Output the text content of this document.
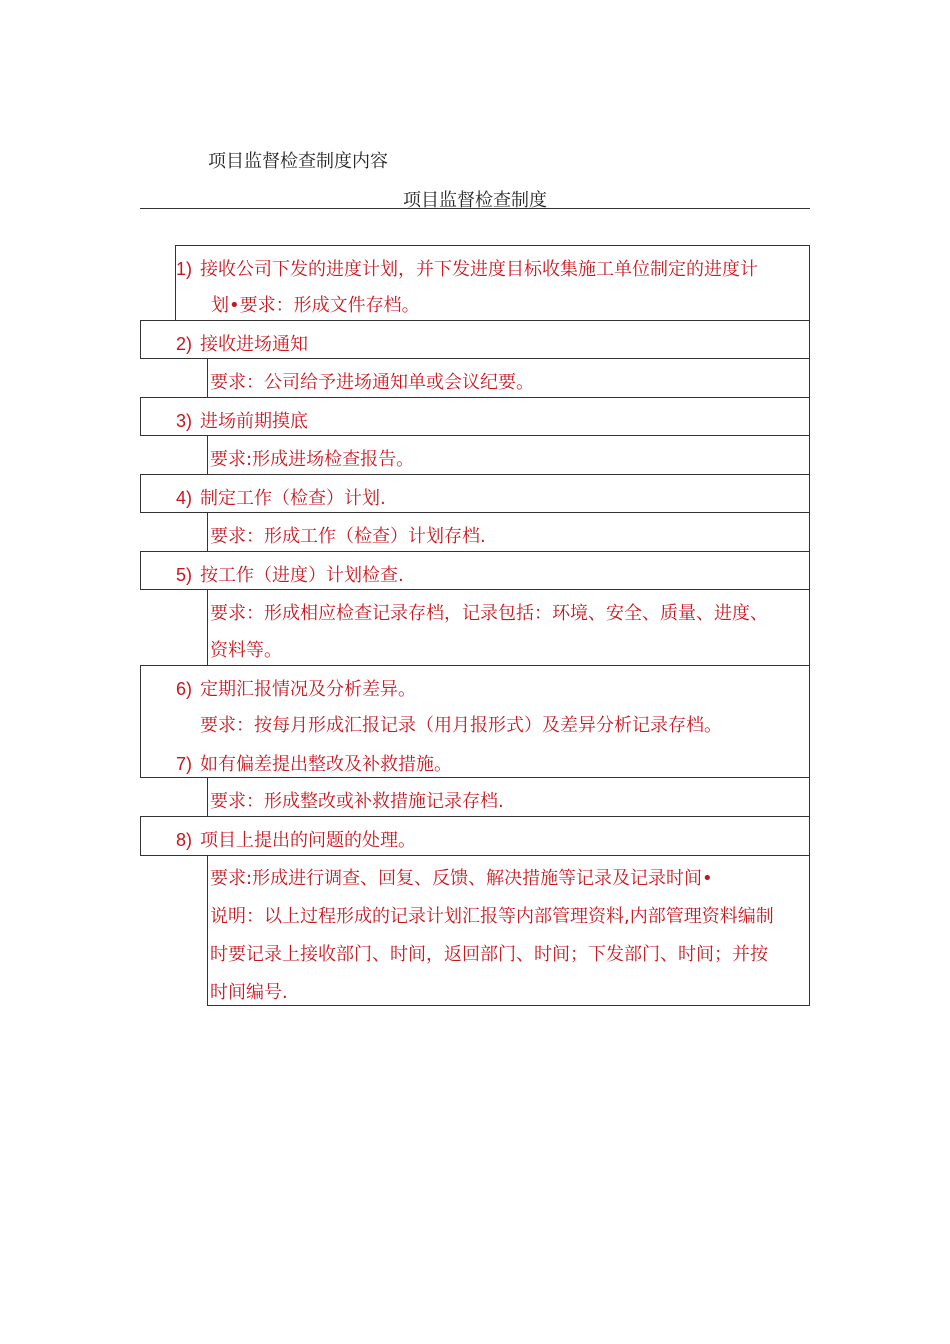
项目监督检查制度内容
项目监督检查制度
1) 接收公司下发的进度计划，并下发进度目标收集施工单位制定的进度计
划•要求：形成文件存档。
2) 接收进场通知
要求：公司给予进场通知单或会议纪要。
3) 进场前期摸底
要求:形成进场检查报告。
4) 制定工作（检查）计划.
要求：形成工作（检查）计划存档.
5) 按工作（进度）计划检查.
要求：形成相应检查记录存档，记录包括：环境、安全、质量、进度、
资料等。
6) 定期汇报情况及分析差异。
要求：按每月形成汇报记录（用月报形式）及差异分析记录存档。
7) 如有偏差提出整改及补救措施。
要求：形成整改或补救措施记录存档.
8) 项目上提出的问题的处理。
要求:形成进行调查、回复、反馈、解决措施等记录及记录时间•
说明：以上过程形成的记录计划汇报等内部管理资料,内部管理资料编制
时要记录上接收部门、时间，返回部门、时间；下发部门、时间；并按
时间编号.
